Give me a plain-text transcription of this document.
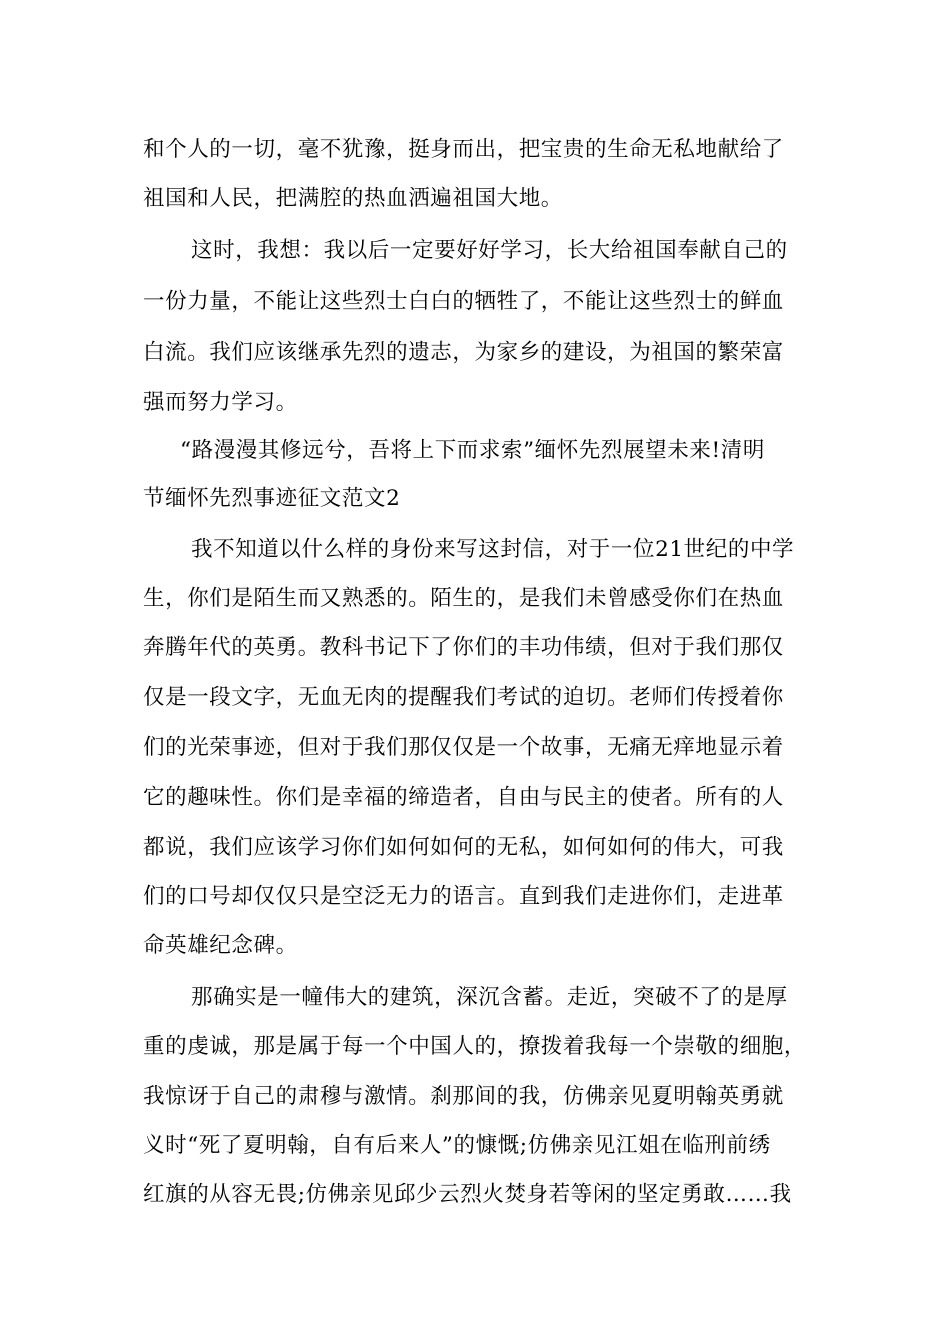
和个人的一切，毫不犹豫，挺身而出，把宝贵的生命无私地献给了

祖国和人民，把满腔的热血洒遍祖国大地。

这时，我想：我以后一定要好好学习，长大给祖国奉献自己的

一份力量，不能让这些烈士白白的牺牲了，不能让这些烈士的鲜血

白流。我们应该继承先烈的遗志，为家乡的建设，为祖国的繁荣富

强而努力学习。

“路漫漫其修远兮，吾将上下而求索”缅怀先烈展望未来!清明

节缅怀先烈事迹征文范文2

我不知道以什么样的身份来写这封信，对于一位21世纪的中学

生，你们是陌生而又熟悉的。陌生的，是我们未曾感受你们在热血

奔腾年代的英勇。教科书记下了你们的丰功伟绩，但对于我们那仅

仅是一段文字，无血无肉的提醒我们考试的迫切。老师们传授着你

们的光荣事迹，但对于我们那仅仅是一个故事，无痛无痒地显示着

它的趣味性。你们是幸福的缔造者，自由与民主的使者。所有的人

都说，我们应该学习你们如何如何的无私，如何如何的伟大，可我

们的口号却仅仅只是空泛无力的语言。直到我们走进你们，走进革

命英雄纪念碑。

那确实是一幢伟大的建筑，深沉含蓄。走近，突破不了的是厚

重的虔诚，那是属于每一个中国人的，撩拨着我每一个崇敬的细胞，

我惊讶于自己的肃穆与激情。刹那间的我，仿佛亲见夏明翰英勇就

义时“死了夏明翰，自有后来人”的慷慨;仿佛亲见江姐在临刑前绣

红旗的从容无畏;仿佛亲见邱少云烈火焚身若等闲的坚定勇敢……我
